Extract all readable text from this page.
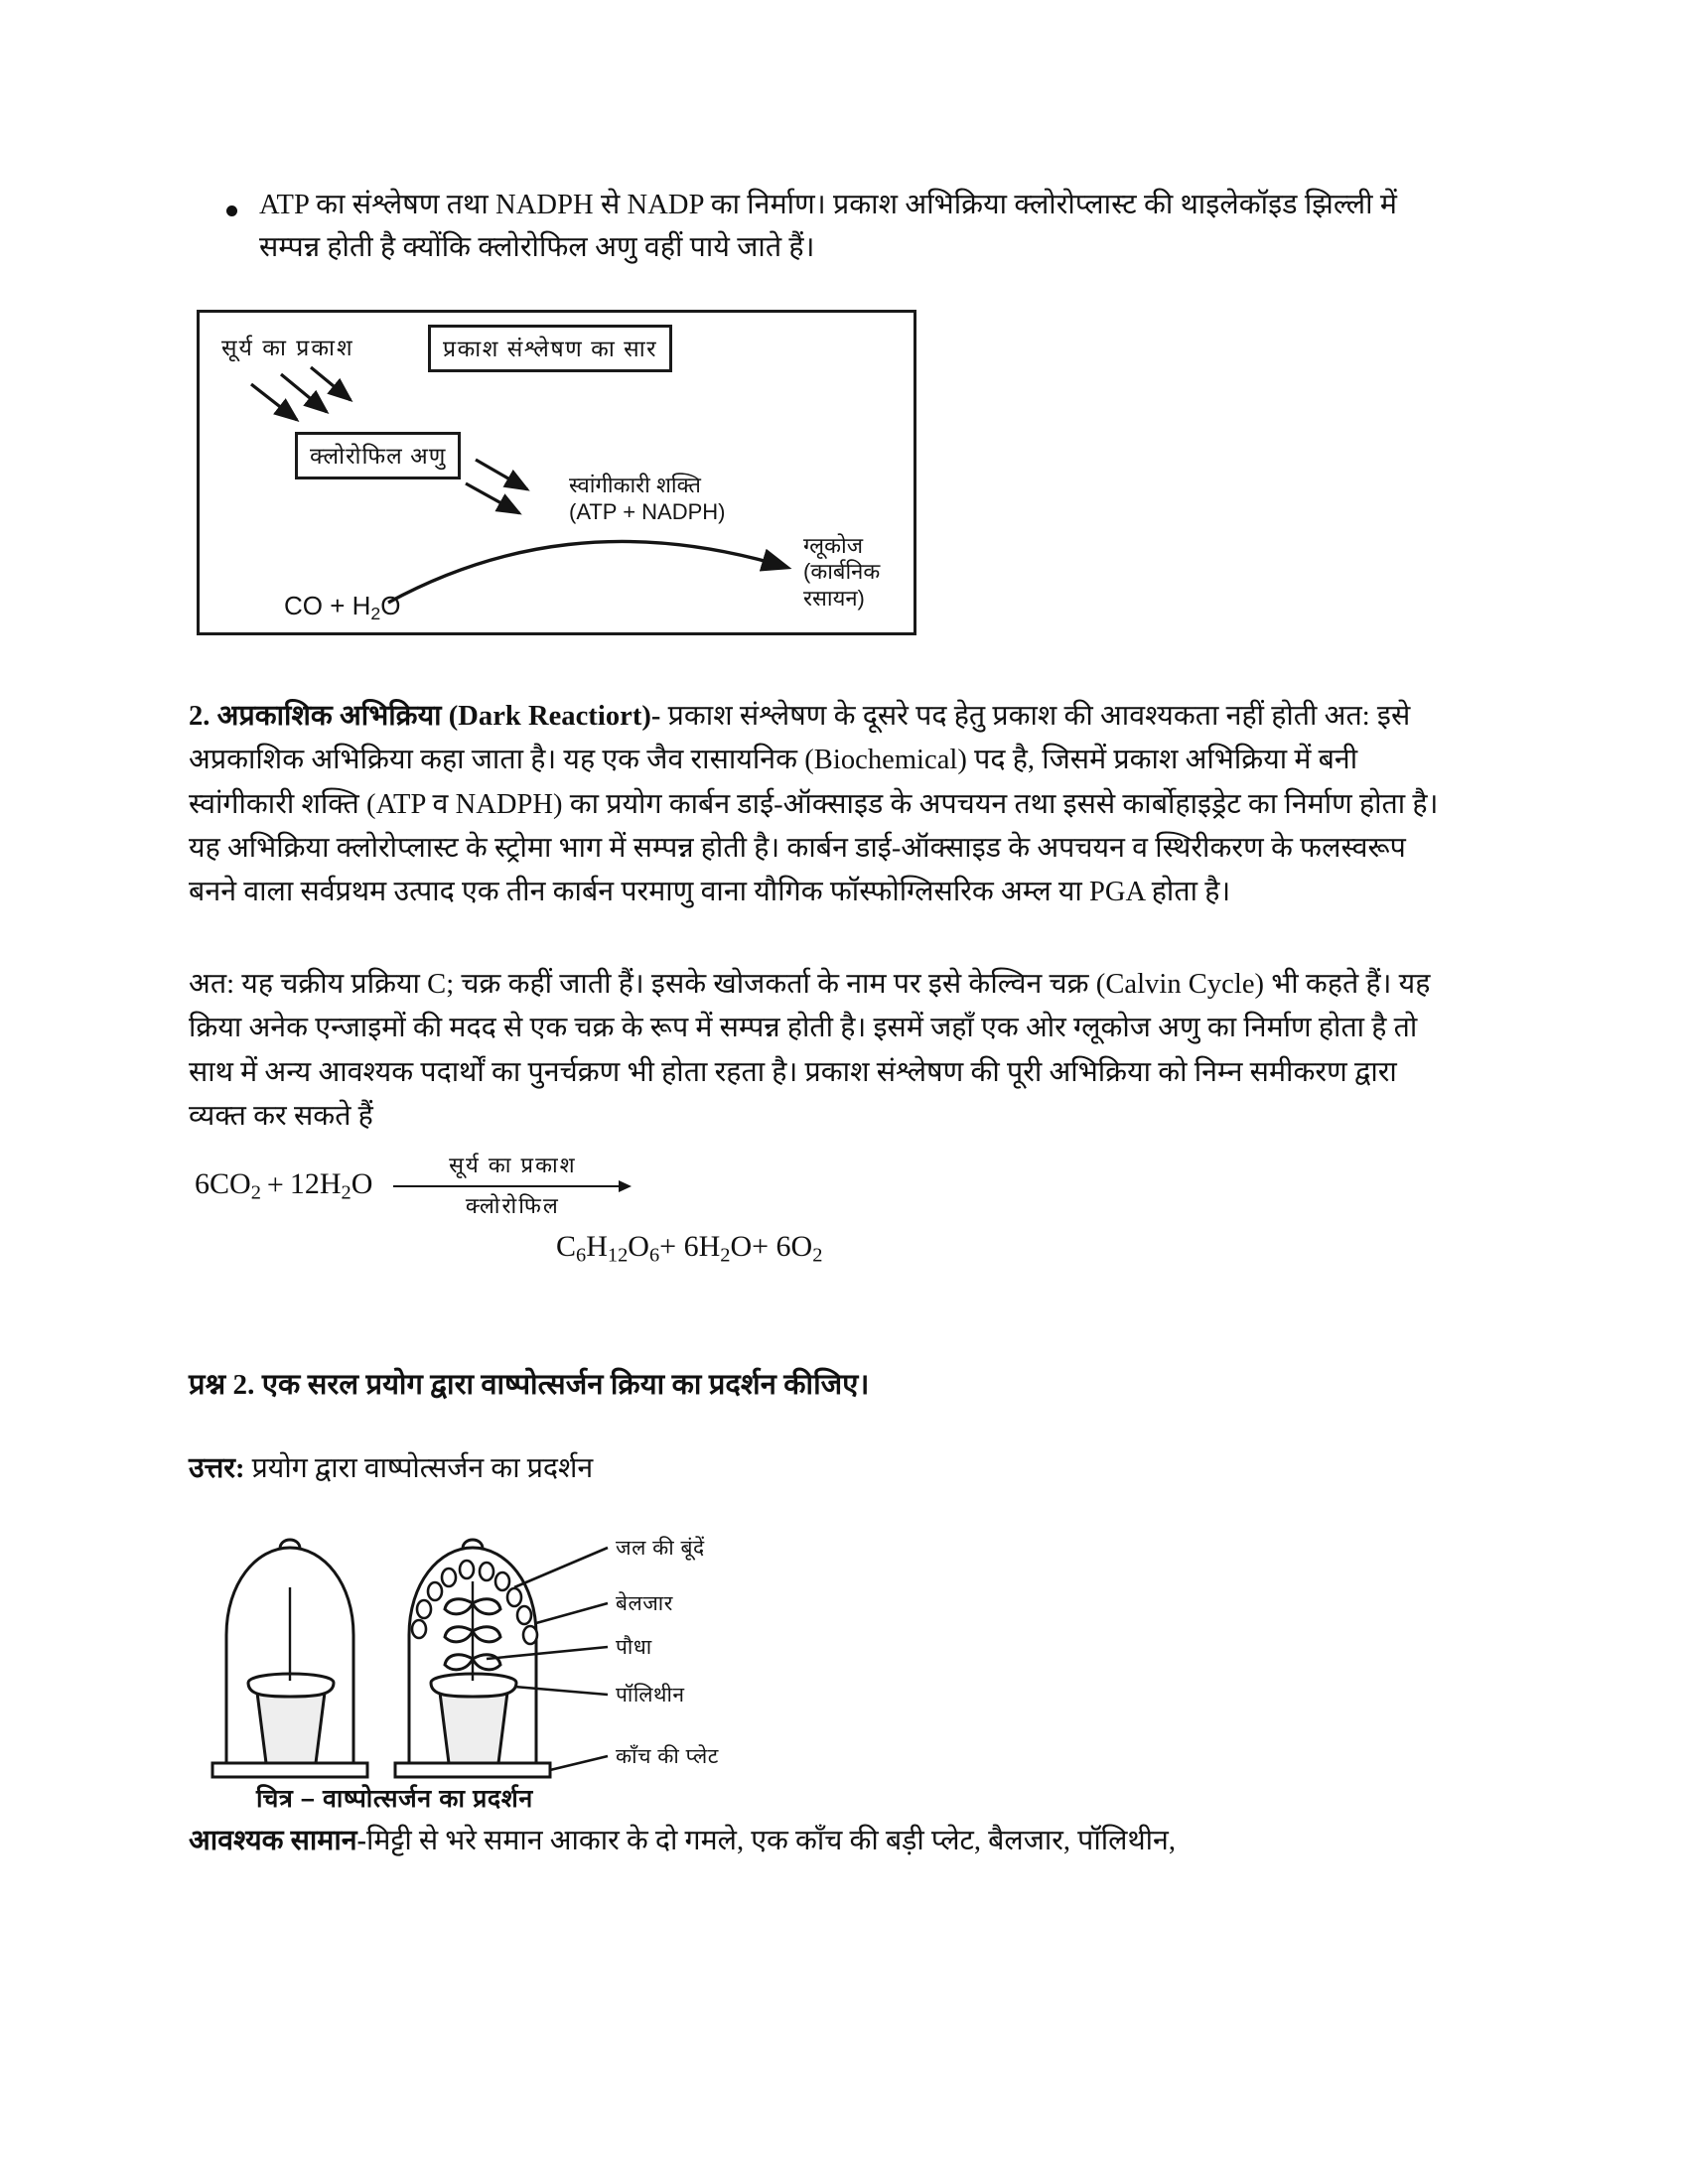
ATP का संश्लेषण तथा NADPH से NADP का निर्माण। प्रकाश अभिक्रिया क्लोरोप्लास्ट की थाइलेकॉइड झिल्ली में सम्पन्न होती है क्योंकि क्लोरोफिल अणु वहीं पाये जाते हैं।
सूर्य का प्रकाश	प्रकाश संश्लेषण का सार
क्लोरोफिल अणु
स्वांगीकारी शक्ति
(ATP + NADPH)
CO + $H_2O$
ग्लूकोज
(कार्बनिक
रसायन)
2. अप्रकाशिक अभिक्रिया (Dark Reactiort)- प्रकाश संश्लेषण के दूसरे पद हेतु प्रकाश की आवश्यकता नहीं होती अत: इसे अप्रकाशिक अभिक्रिया कहा जाता है। यह एक जैव रासायनिक (Biochemical) पद है, जिसमें प्रकाश अभिक्रिया में बनी स्वांगीकारी शक्ति (ATP व NADPH) का प्रयोग कार्बन डाई-ऑक्साइड के अपचयन तथा इससे कार्बोहाइड्रेट का निर्माण होता है। यह अभिक्रिया क्लोरोप्लास्ट के स्ट्रोमा भाग में सम्पन्न होती है। कार्बन डाई-ऑक्साइड के अपचयन व स्थिरीकरण के फलस्वरूप बनने वाला सर्वप्रथम उत्पाद एक तीन कार्बन परमाणु वाना यौगिक फॉस्फोग्लिसरिक अम्ल या PGA होता है।
अत: यह चक्रीय प्रक्रिया C; चक्र कहीं जाती हैं। इसके खोजकर्ता के नाम पर इसे केल्विन चक्र (Calvin Cycle) भी कहते हैं। यह क्रिया अनेक एन्जाइमों की मदद से एक चक्र के रूप में सम्पन्न होती है। इसमें जहाँ एक ओर ग्लूकोज अणु का निर्माण होता है तो साथ में अन्य आवश्यक पदार्थों का पुनर्चक्रण भी होता रहता है। प्रकाश संश्लेषण की पूरी अभिक्रिया को निम्न समीकरण द्वारा व्यक्त कर सकते हैं
$6CO_2 + 12H_2O$
सूर्य का प्रकाश
क्लोरोफिल
$C_6H_{12}O_6+ 6H_2O+ 6O_2$
प्रश्न 2. एक सरल प्रयोग द्वारा वाष्पोत्सर्जन क्रिया का प्रदर्शन कीजिए।
उत्तर: प्रयोग द्वारा वाष्पोत्सर्जन का प्रदर्शन
जल की बूंदें
बेलजार
पौधा
पॉलिथीन
काँच की प्लेट
चित्र – वाष्पोत्सर्जन का प्रदर्शन
आवश्यक सामान-मिट्टी से भरे समान आकार के दो गमले, एक काँच की बड़ी प्लेट, बैलजार, पॉलिथीन,
